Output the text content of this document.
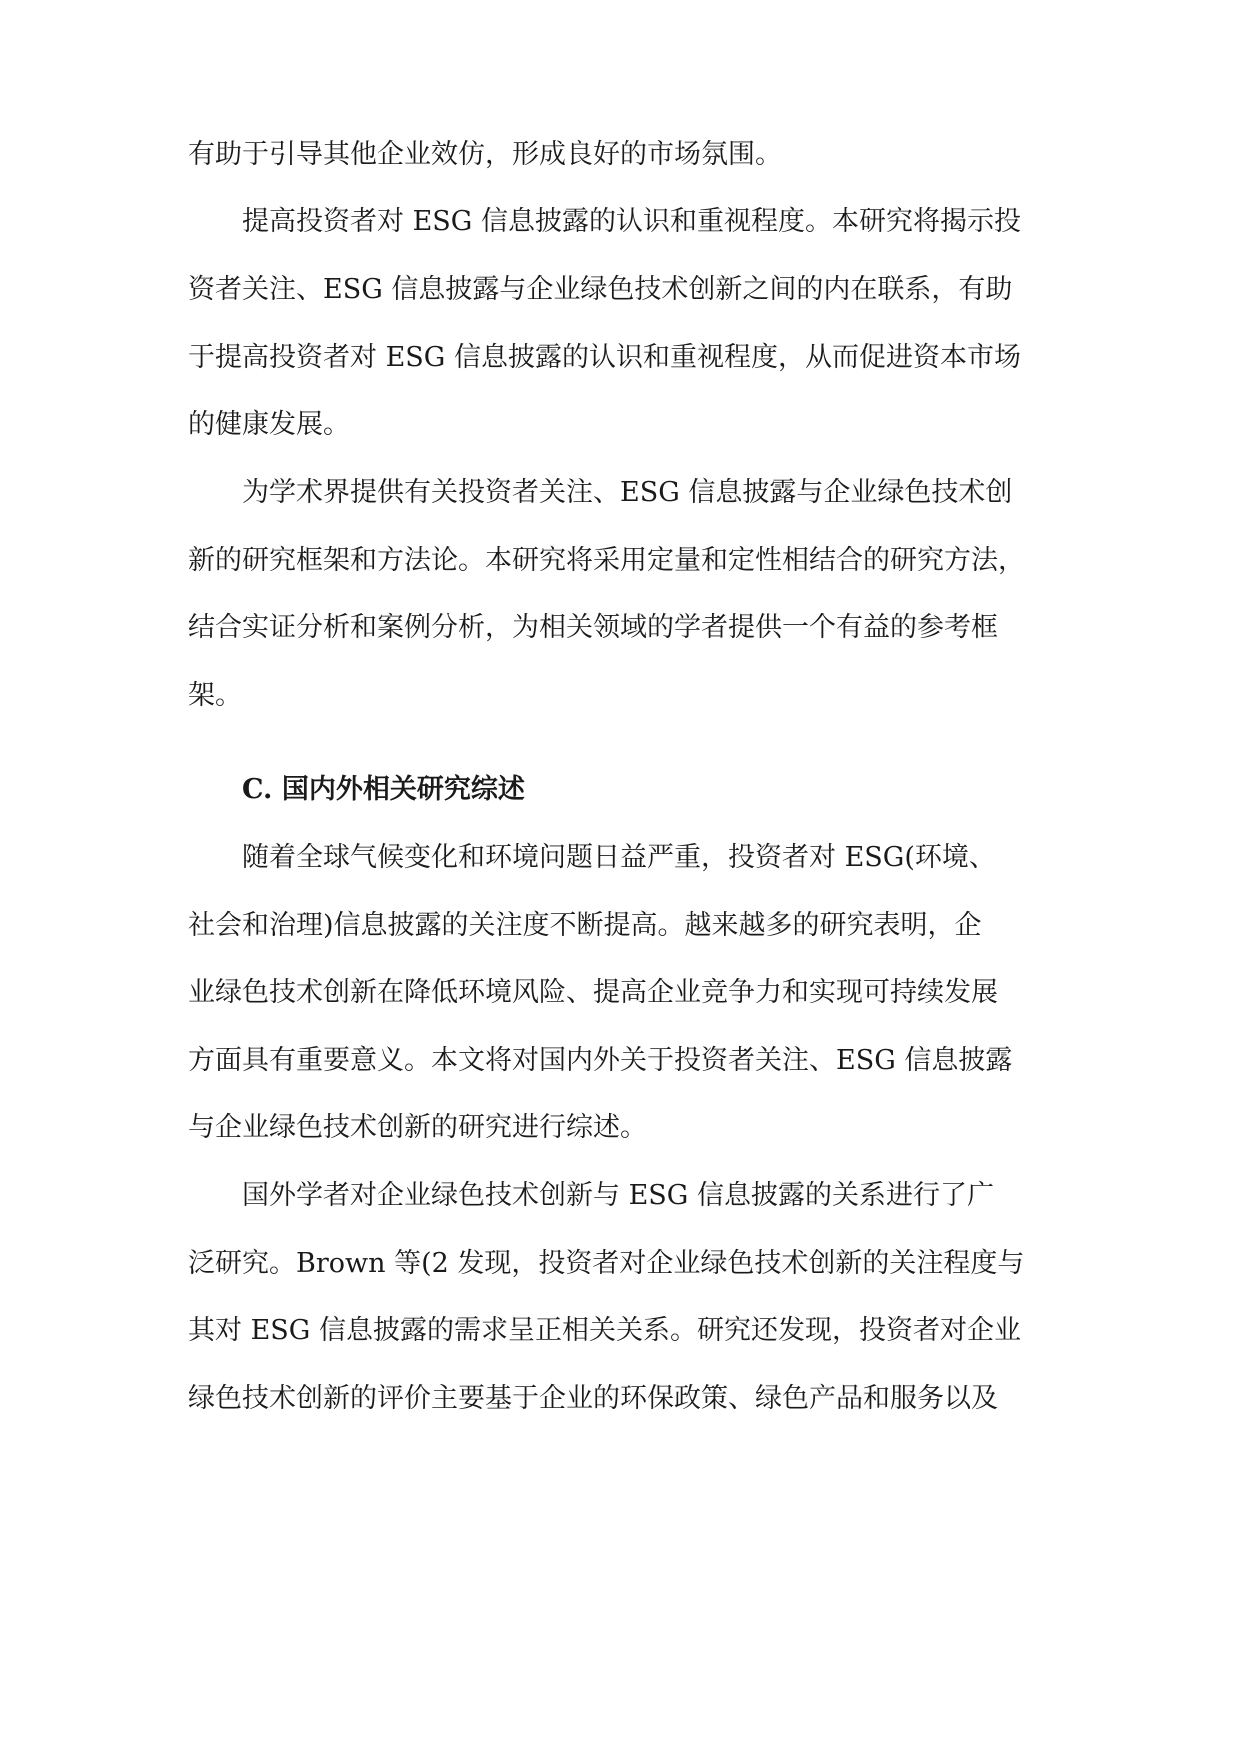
有助于引导其他企业效仿，形成良好的市场氛围。
　　提高投资者对 ESG 信息披露的认识和重视程度。本研究将揭示投
资者关注、ESG 信息披露与企业绿色技术创新之间的内在联系，有助
于提高投资者对 ESG 信息披露的认识和重视程度，从而促进资本市场
的健康发展。
　　为学术界提供有关投资者关注、ESG 信息披露与企业绿色技术创
新的研究框架和方法论。本研究将采用定量和定性相结合的研究方法，
结合实证分析和案例分析，为相关领域的学者提供一个有益的参考框
架。
　　C. 国内外相关研究综述
　　随着全球气候变化和环境问题日益严重，投资者对 ESG(环境、
社会和治理)信息披露的关注度不断提高。越来越多的研究表明，企
业绿色技术创新在降低环境风险、提高企业竞争力和实现可持续发展
方面具有重要意义。本文将对国内外关于投资者关注、ESG 信息披露
与企业绿色技术创新的研究进行综述。
　　国外学者对企业绿色技术创新与 ESG 信息披露的关系进行了广
泛研究。Brown 等(2 发现，投资者对企业绿色技术创新的关注程度与
其对 ESG 信息披露的需求呈正相关关系。研究还发现，投资者对企业
绿色技术创新的评价主要基于企业的环保政策、绿色产品和服务以及
